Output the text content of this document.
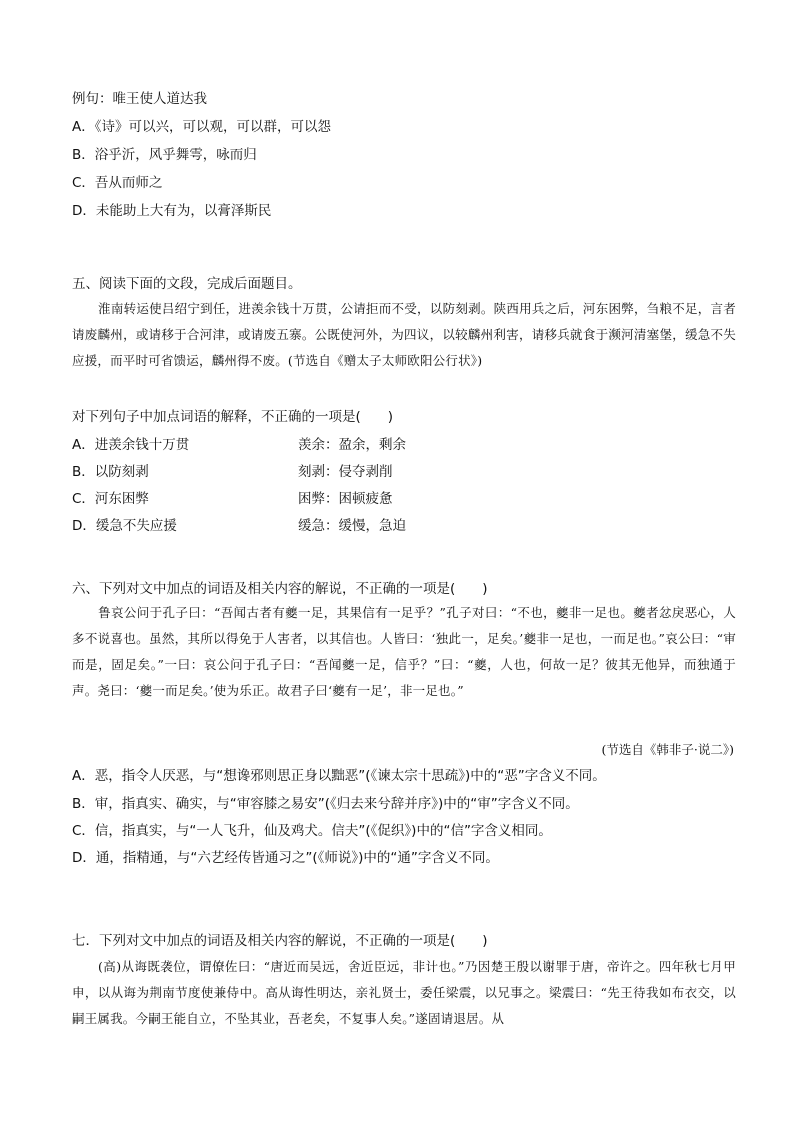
例句：唯王使人道达我
A．《诗》可以兴，可以观，可以群，可以怨
B．浴乎沂，风乎舞雩，咏而归
C．吾从而师之
D．未能助上大有为，以膏泽斯民
五、阅读下面的文段，完成后面题目。
淮南转运使吕绍宁到任，进羡余钱十万贯，公请拒而不受，以防刻剥。陕西用兵之后，河东困弊，刍粮不足，言者请废麟州，或请移于合河津，或请废五寨。公既使河外，为四议，以较麟州利害，请移兵就食于濒河清塞堡，缓急不失应援，而平时可省馈运，麟州得不废。(节选自《赠太子太师欧阳公行状》)
对下列句子中加点词语的解释，不正确的一项是(　　)
A．进羡余钱十万贯	羡余：盈余，剩余
B．以防刻剥	刻剥：侵夺剥削
C．河东困弊	困弊：困顿疲惫
D．缓急不失应援	缓急：缓慢，急迫
六、下列对文中加点的词语及相关内容的解说，不正确的一项是(　　)
鲁哀公问于孔子曰：“吾闻古者有夔一足，其果信有一足乎？”孔子对曰：“不也，夔非一足也。夔者忿戾恶心，人多不说喜也。虽然，其所以得免于人害者，以其信也。人皆曰：‘独此一，足矣。’夔非一足也，一而足也。”哀公曰：“审而是，固足矣。”一曰：哀公问于孔子曰：“吾闻夔一足，信乎？”曰：“夔，人也，何故一足？彼其无他异，而独通于声。尧曰：‘夔一而足矣。’使为乐正。故君子曰‘夔有一足’，非一足也。”
(节选自《韩非子·说二》)
A．恶，指令人厌恶，与“想谗邪则思正身以黜恶”(《谏太宗十思疏》)中的“恶”字含义不同。
B．审，指真实、确实，与“审容膝之易安”(《归去来兮辞并序》)中的“审”字含义不同。
C．信，指真实，与“一人飞升，仙及鸡犬。信夫”(《促织》)中的“信”字含义相同。
D．通，指精通，与“六艺经传皆通习之”(《师说》)中的“通”字含义不同。
七．下列对文中加点的词语及相关内容的解说，不正确的一项是(　　)
(高)从诲既袭位，谓僚佐曰：“唐近而吴远，舍近臣远，非计也。”乃因楚王殷以谢罪于唐，帝许之。四年秋七月甲申，以从诲为荆南节度使兼侍中。高从诲性明达，亲礼贤士，委任梁震，以兄事之。梁震曰：“先王待我如布衣交，以嗣王属我。今嗣王能自立，不坠其业，吾老矣，不复事人矣。”遂固请退居。从
